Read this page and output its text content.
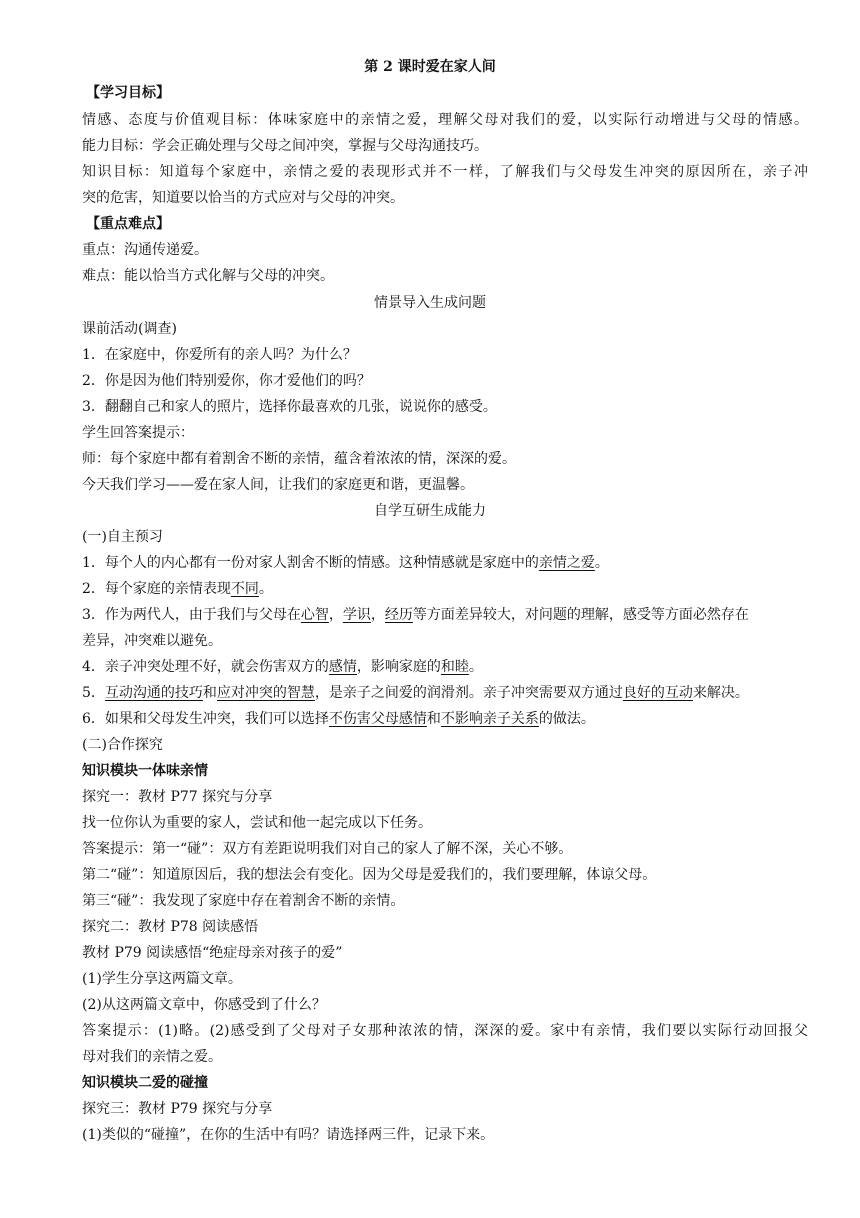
第 2 课时爱在家人间
【学习目标】
情感、态度与价值观目标：体味家庭中的亲情之爱，理解父母对我们的爱，以实际行动增进与父母的情感。
能力目标：学会正确处理与父母之间冲突，掌握与父母沟通技巧。
知识目标：知道每个家庭中，亲情之爱的表现形式并不一样，了解我们与父母发生冲突的原因所在，亲子冲
突的危害，知道要以恰当的方式应对与父母的冲突。
【重点难点】
重点：沟通传递爱。
难点：能以恰当方式化解与父母的冲突。
情景导入生成问题
课前活动(调查)
1．在家庭中，你爱所有的亲人吗？为什么？
2．你是因为他们特别爱你，你才爱他们的吗？
3．翻翻自己和家人的照片，选择你最喜欢的几张，说说你的感受。
学生回答案提示：
师：每个家庭中都有着割舍不断的亲情，蕴含着浓浓的情，深深的爱。
今天我们学习——爱在家人间，让我们的家庭更和谐，更温馨。
自学互研生成能力
(一)自主预习
1．每个人的内心都有一份对家人割舍不断的情感。这种情感就是家庭中的亲情之爱。
2．每个家庭的亲情表现不同。
3．作为两代人，由于我们与父母在心智，学识，经历等方面差异较大，对问题的理解，感受等方面必然存在
差异，冲突难以避免。
4．亲子冲突处理不好，就会伤害双方的感情，影响家庭的和睦。
5．互动沟通的技巧和应对冲突的智慧，是亲子之间爱的润滑剂。亲子冲突需要双方通过良好的互动来解决。
6．如果和父母发生冲突，我们可以选择不伤害父母感情和不影响亲子关系的做法。
(二)合作探究
知识模块一体味亲情
探究一：教材 P77 探究与分享
找一位你认为重要的家人，尝试和他一起完成以下任务。
答案提示：第一“碰”：双方有差距说明我们对自己的家人了解不深，关心不够。
第二“碰”：知道原因后，我的想法会有变化。因为父母是爱我们的，我们要理解，体谅父母。
第三“碰”：我发现了家庭中存在着割舍不断的亲情。
探究二：教材 P78 阅读感悟
教材 P79 阅读感悟“绝症母亲对孩子的爱”
(1)学生分享这两篇文章。
(2)从这两篇文章中，你感受到了什么？
答案提示：(1)略。(2)感受到了父母对子女那种浓浓的情，深深的爱。家中有亲情，我们要以实际行动回报父
母对我们的亲情之爱。
知识模块二爱的碰撞
探究三：教材 P79 探究与分享
(1)类似的“碰撞”，在你的生活中有吗？请选择两三件，记录下来。
